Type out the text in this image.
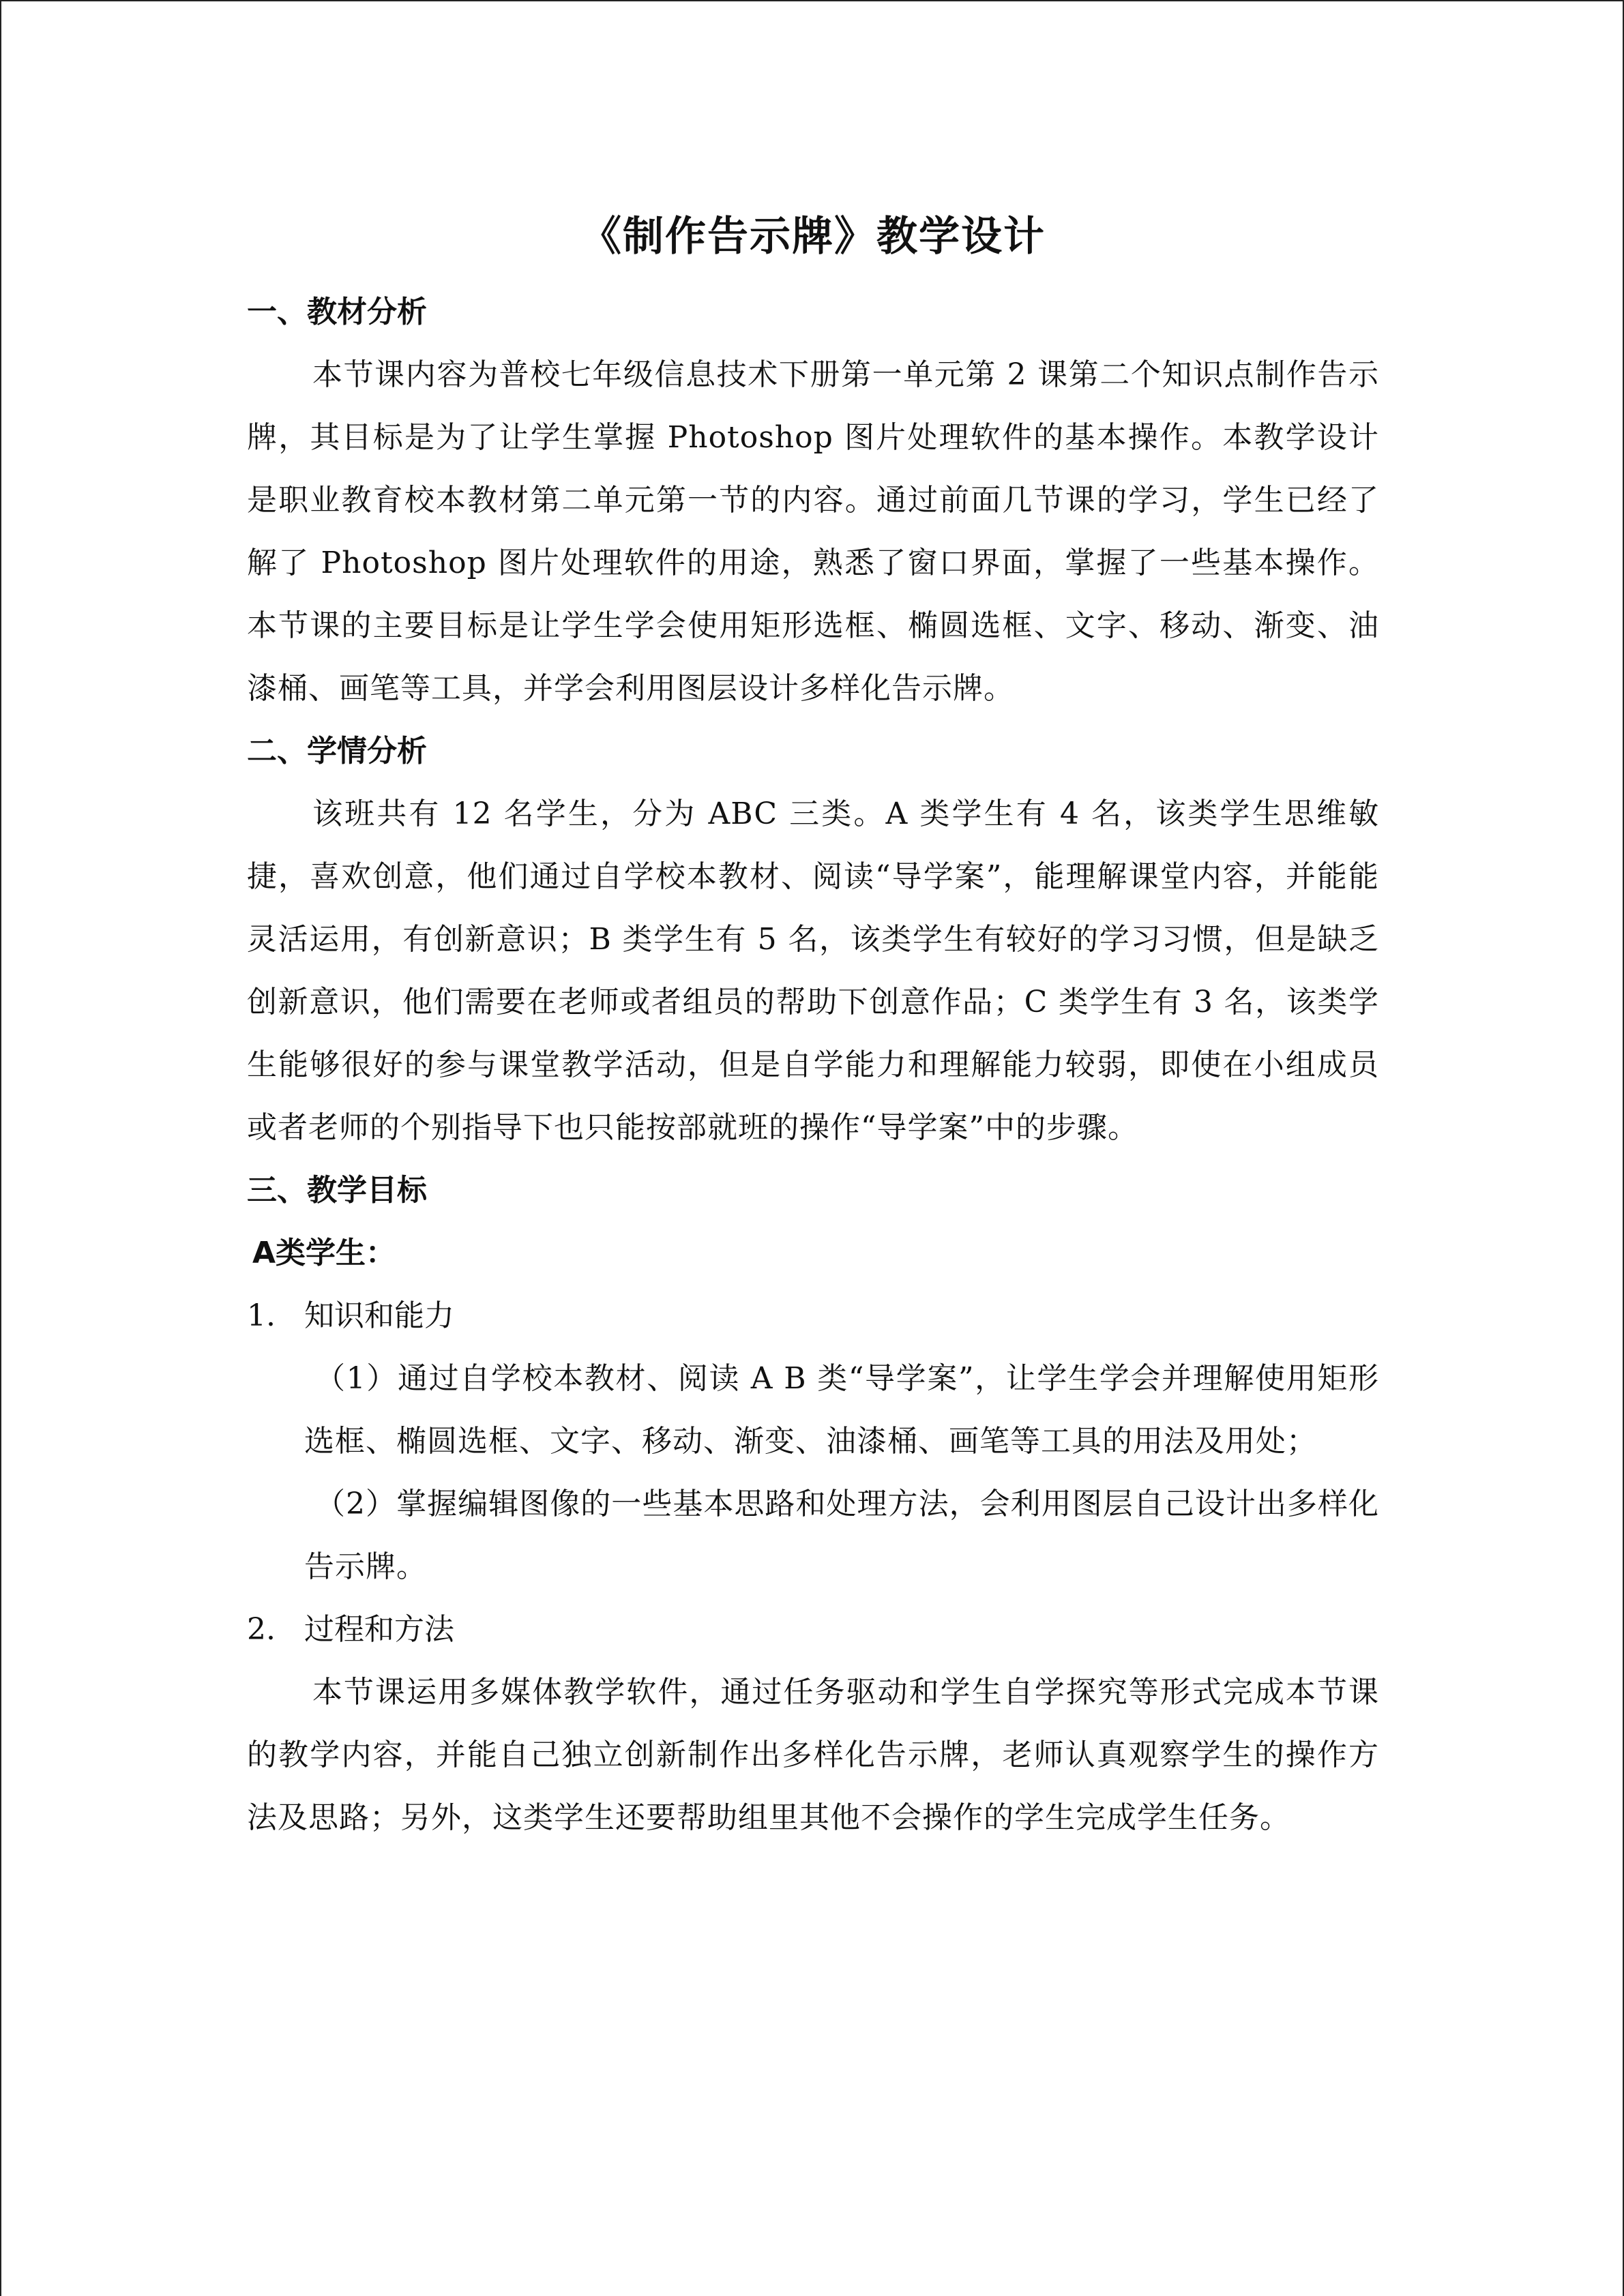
《制作告示牌》教学设计
一、教材分析

本节课内容为普校七年级信息技术下册第一单元第 2 课第二个知识点制作告示牌，其目标是为了让学生掌握 Photoshop 图片处理软件的基本操作。本教学设计是职业教育校本教材第二单元第一节的内容。通过前面几节课的学习，学生已经了解了 Photoshop 图片处理软件的用途，熟悉了窗口界面，掌握了一些基本操作。本节课的主要目标是让学生学会使用矩形选框、椭圆选框、文字、移动、渐变、油漆桶、画笔等工具，并学会利用图层设计多样化告示牌。

二、学情分析

该班共有 12 名学生，分为 ABC 三类。A 类学生有 4 名，该类学生思维敏捷，喜欢创意，他们通过自学校本教材、阅读“导学案”，能理解课堂内容，并能能灵活运用，有创新意识；B 类学生有 5 名，该类学生有较好的学习习惯，但是缺乏创新意识，他们需要在老师或者组员的帮助下创意作品；C 类学生有 3 名，该类学生能够很好的参与课堂教学活动，但是自学能力和理解能力较弱，即使在小组成员或者老师的个别指导下也只能按部就班的操作“导学案”中的步骤。

三、教学目标
A类学生：
1. 知识和能力

（1）通过自学校本教材、阅读 A B 类“导学案”，让学生学会并理解使用矩形选框、椭圆选框、文字、移动、渐变、油漆桶、画笔等工具的用法及用处；

（2）掌握编辑图像的一些基本思路和处理方法，会利用图层自己设计出多样化告示牌。

2. 过程和方法

本节课运用多媒体教学软件，通过任务驱动和学生自学探究等形式完成本节课的教学内容，并能自己独立创新制作出多样化告示牌，老师认真观察学生的操作方法及思路；另外，这类学生还要帮助组里其他不会操作的学生完成学生任务。
